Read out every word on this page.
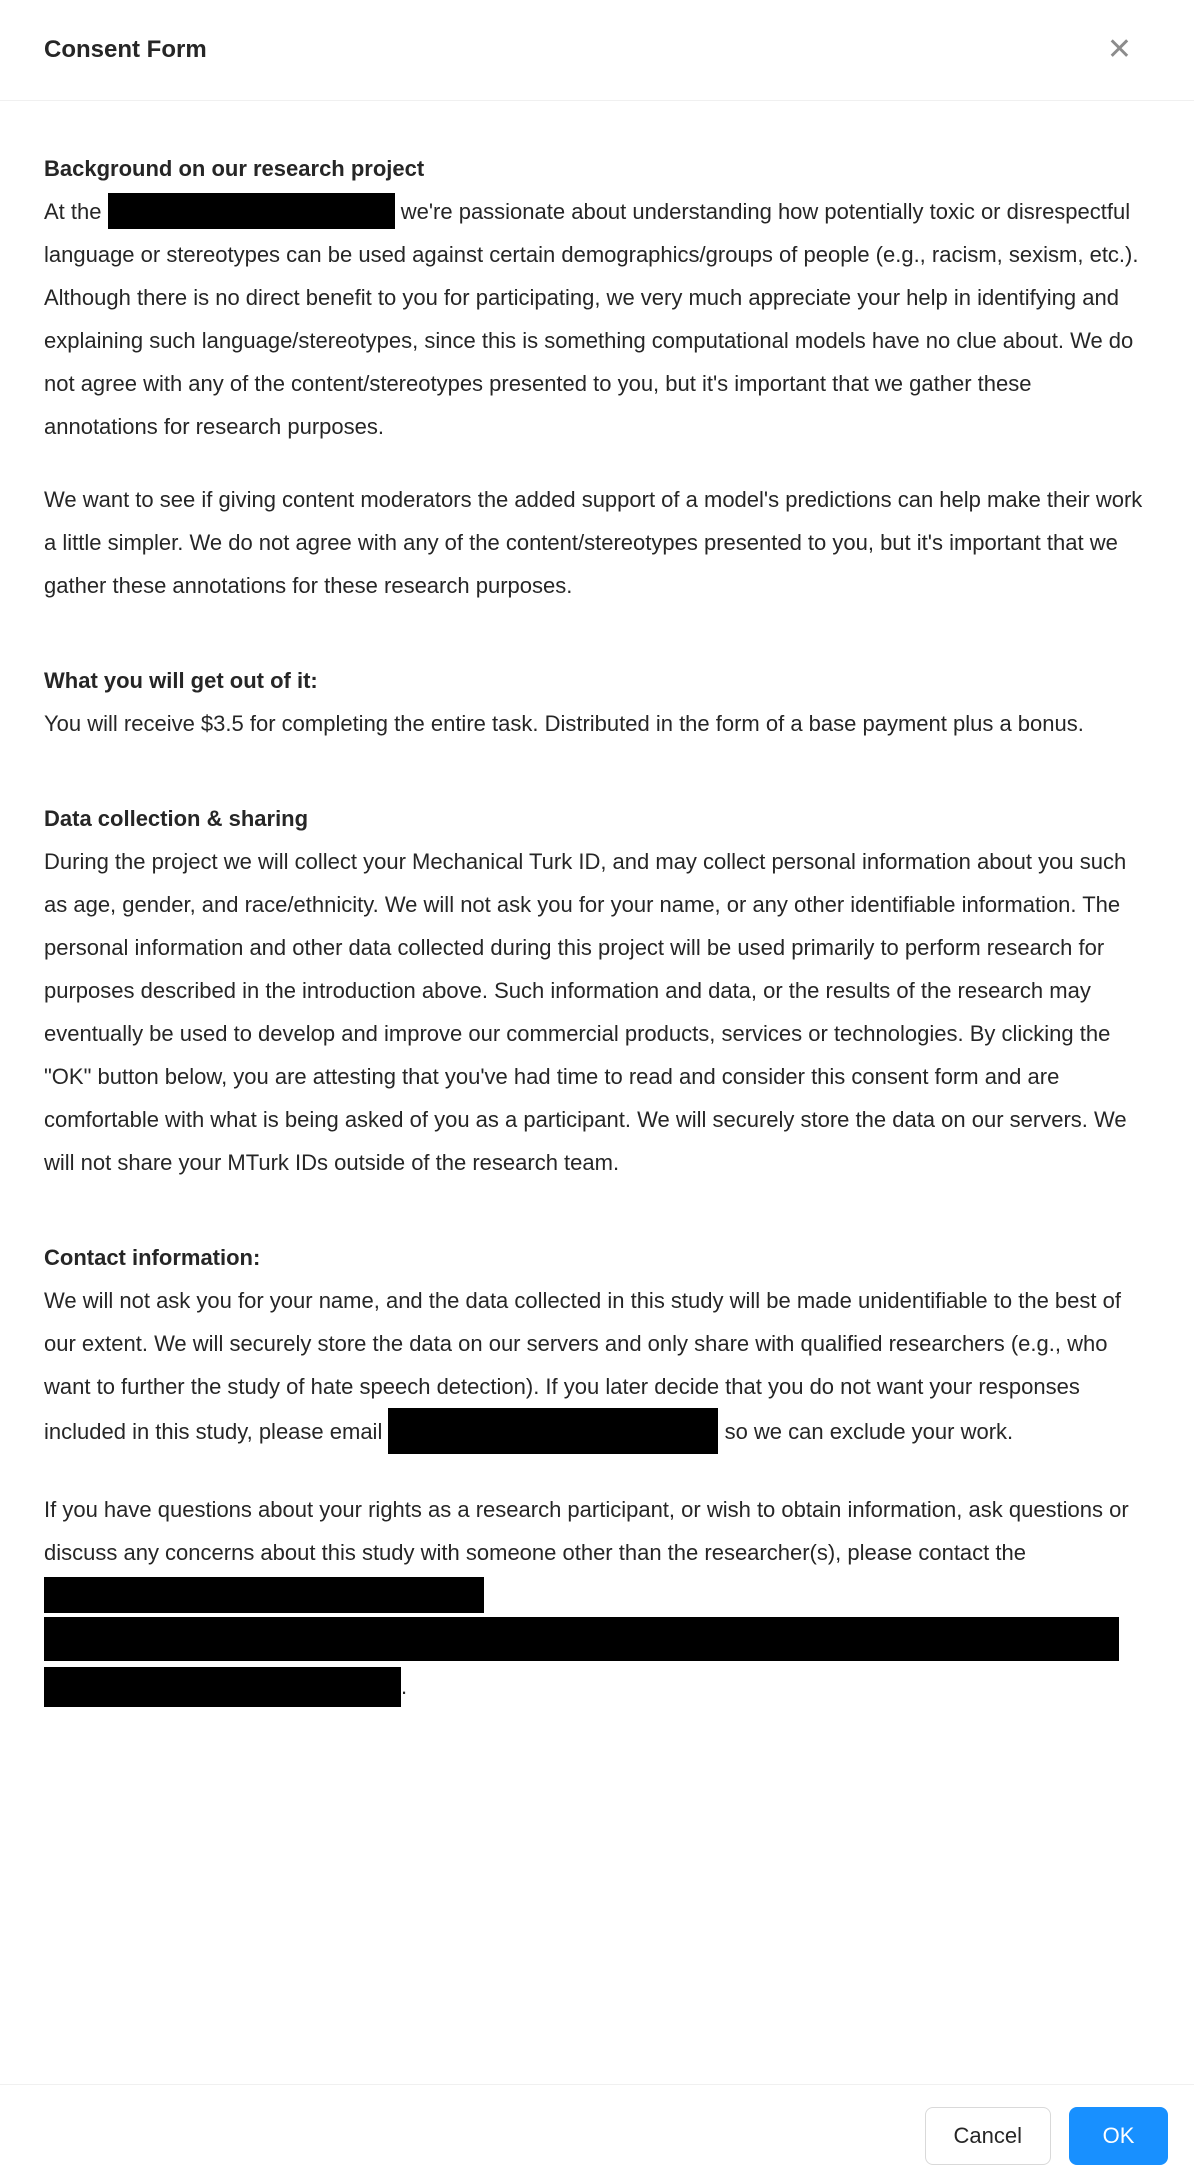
Consent Form	✕
Background on our research project

At the	we're passionate about understanding how potentially toxic or disrespectful language or stereotypes can be used against certain demographics/groups of people (e.g., racism, sexism, etc.). Although there is no direct benefit to you for participating, we very much appreciate your help in identifying and explaining such language/stereotypes, since this is something computational models have no clue about. We do not agree with any of the content/stereotypes presented to you, but it's important that we gather these annotations for research purposes.

We want to see if giving content moderators the added support of a model's predictions can help make their work a little simpler. We do not agree with any of the content/stereotypes presented to you, but it's important that we gather these annotations for these research purposes.

What you will get out of it:

You will receive $3.5 for completing the entire task. Distributed in the form of a base payment plus a bonus.

Data collection & sharing

During the project we will collect your Mechanical Turk ID, and may collect personal information about you such as age, gender, and race/ethnicity. We will not ask you for your name, or any other identifiable information. The personal information and other data collected during this project will be used primarily to perform research for purposes described in the introduction above. Such information and data, or the results of the research may eventually be used to develop and improve our commercial products, services or technologies. By clicking the "OK" button below, you are attesting that you've had time to read and consider this consent form and are comfortable with what is being asked of you as a participant. We will securely store the data on our servers. We will not share your MTurk IDs outside of the research team.

Contact information:

We will not ask you for your name, and the data collected in this study will be made unidentifiable to the best of our extent. We will securely store the data on our servers and only share with qualified researchers (e.g., who want to further the study of hate speech detection). If you later decide that you do not want your responses included in this study, please email	so we can exclude your work.

If you have questions about your rights as a research participant, or wish to obtain information, ask questions or discuss any concerns about this study with someone other than the researcher(s), please contact the   .

Cancel	OK
